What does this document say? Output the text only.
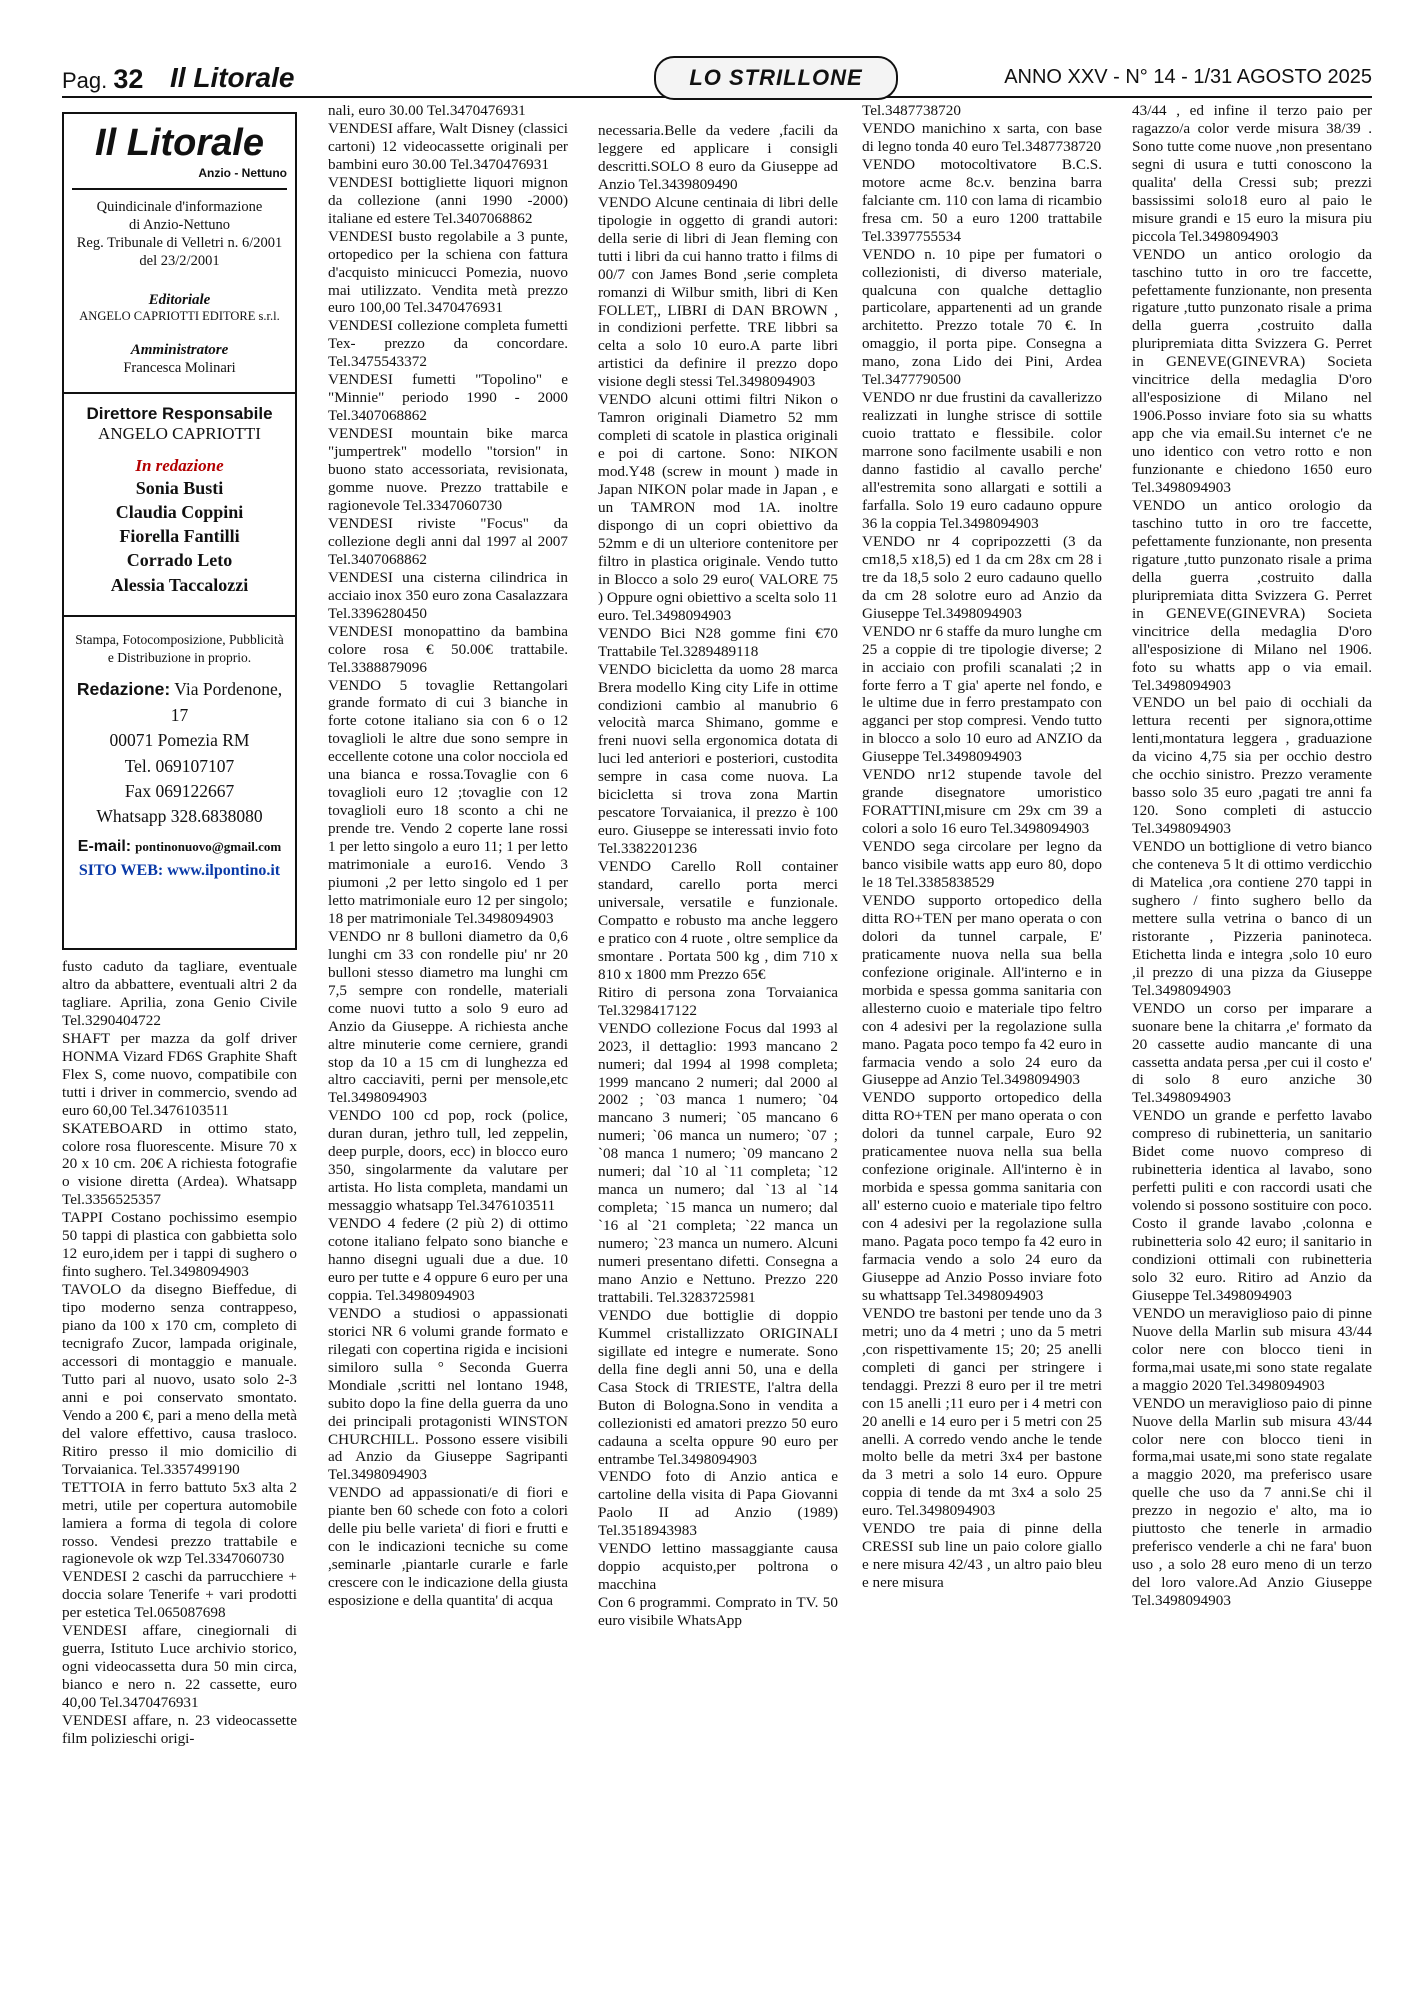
Pag. 32 Il Litorale	LO STRILLONE	ANNO XXV - N° 14 - 1/31 AGOSTO 2025
Il Litorale
Anzio - Nettuno
Quindicinale d'informazione
di Anzio-Nettuno
Reg. Tribunale di Velletri n. 6/2001
del 23/2/2001
Editoriale
ANGELO CAPRIOTTI EDITORE s.r.l.
Amministratore
Francesca Molinari
Direttore Responsabile
ANGELO CAPRIOTTI
In redazione
Sonia Busti
Claudia Coppini
Fiorella Fantilli
Corrado Leto
Alessia Taccalozzi
Stampa, Fotocomposizione, Pubblicità
e Distribuzione in proprio.
Redazione: Via Pordenone, 17
00071 Pomezia RM
Tel. 069107107
Fax 069122667
Whatsapp 328.6838080
E-mail: pontinonuovo@gmail.com
SITO WEB: www.ilpontino.it

fusto caduto da tagliare, eventuale altro da abbattere, eventuali altri 2 da tagliare. Aprilia, zona Genio Civile Tel.3290404722

SHAFT per mazza da golf driver HONMA Vizard FD6S Graphite Shaft Flex S, come nuovo, compatibile con tutti i driver in commercio, svendo ad euro 60,00 Tel.3476103511

SKATEBOARD in ottimo stato, colore rosa fluorescente. Misure 70 x 20 x 10 cm. 20€ A richiesta fotografie o visione diretta (Ardea). Whatsapp Tel.3356525357

TAPPI Costano pochissimo esempio 50 tappi di plastica con gabbietta solo 12 euro,idem per i tappi di sughero o finto sughero. Tel.3498094903

TAVOLO da disegno Bieffedue, di tipo moderno senza contrappeso, piano da 100 x 170 cm, completo di tecnigrafo Zucor, lampada originale, accessori di montaggio e manuale. Tutto pari al nuovo, usato solo 2-3 anni e poi conservato smontato. Vendo a 200 €, pari a meno della metà del valore effettivo, causa trasloco. Ritiro presso il mio domicilio di Torvaianica. Tel.3357499190

TETTOIA in ferro battuto 5x3 alta 2 metri, utile per copertura automobile lamiera a forma di tegola di colore rosso. Vendesi prezzo trattabile e ragionevole ok wzp Tel.3347060730

VENDESI 2 caschi da parrucchiere + doccia solare Tenerife + vari prodotti per estetica Tel.065087698

VENDESI affare, cinegiornali di guerra, Istituto Luce archivio storico, ogni videocassetta dura 50 min circa, bianco e nero n. 22 cassette, euro 40,00 Tel.3470476931

VENDESI affare, n. 23 videocassette film polizieschi origi-

nali, euro 30.00 Tel.3470476931

VENDESI affare, Walt Disney (classici cartoni) 12 videocassette originali per bambini euro 30.00 Tel.3470476931

VENDESI bottigliette liquori mignon da collezione (anni 1990 -2000) italiane ed estere Tel.3407068862

VENDESI busto regolabile a 3 punte, ortopedico per la schiena con fattura d'acquisto minicucci Pomezia, nuovo mai utilizzato. Vendita metà prezzo euro 100,00 Tel.3470476931

VENDESI collezione completa fumetti Tex- prezzo da concordare. Tel.3475543372

VENDESI fumetti "Topolino" e "Minnie" periodo 1990 - 2000 Tel.3407068862

VENDESI mountain bike marca "jumpertrek" modello "torsion" in buono stato accessoriata, revisionata, gomme nuove. Prezzo trattabile e ragionevole Tel.3347060730

VENDESI riviste "Focus" da collezione degli anni dal 1997 al 2007 Tel.3407068862

VENDESI una cisterna cilindrica in acciaio inox 350 euro zona Casalazzara Tel.3396280450

VENDESI monopattino da bambina colore rosa € 50.00€ trattabile. Tel.3388879096

VENDO 5 tovaglie Rettangolari grande formato di cui 3 bianche in forte cotone italiano sia con 6 o 12 tovaglioli le altre due sono sempre in eccellente cotone una color nocciola ed una bianca e rossa.Tovaglie con 6 tovaglioli euro 12 ;tovaglie con 12 tovaglioli euro 18 sconto a chi ne prende tre. Vendo 2 coperte lane rossi 1 per letto singolo a euro 11; 1 per letto matrimoniale a euro16. Vendo 3 piumoni ,2 per letto singolo ed 1 per letto matrimoniale euro 12 per singolo; 18 per matrimoniale Tel.3498094903

VENDO nr 8 bulloni diametro da 0,6 lunghi cm 33 con rondelle piu' nr 20 bulloni stesso diametro ma lunghi cm 7,5 sempre con rondelle, materiali come nuovi tutto a solo 9 euro ad Anzio da Giuseppe. A richiesta anche altre minuterie come cerniere, grandi stop da 10 a 15 cm di lunghezza ed altro cacciaviti, perni per mensole,etc Tel.3498094903

VENDO 100 cd pop, rock (police, duran duran, jethro tull, led zeppelin, deep purple, doors, ecc) in blocco euro 350, singolarmente da valutare per artista. Ho lista completa, mandami un messaggio whatsapp Tel.3476103511

VENDO 4 federe (2 più 2) di ottimo cotone italiano felpato sono bianche e hanno disegni uguali due a due. 10 euro per tutte e 4 oppure 6 euro per una coppia. Tel.3498094903

VENDO a studiosi o appassionati storici NR 6 volumi grande formato e rilegati con copertina rigida e incisioni similoro sulla ° Seconda Guerra Mondiale ,scritti nel lontano 1948, subito dopo la fine della guerra da uno dei principali protagonisti WINSTON CHURCHILL. Possono essere visibili ad Anzio da Giuseppe Sagripanti Tel.3498094903

VENDO ad appassionati/e di fiori e piante ben 60 schede con foto a colori delle piu belle varieta' di fiori e frutti e con le indicazioni tecniche su come ,seminarle ,piantarle curarle e farle crescere con le indicazione della giusta esposizione e della quantita' di acqua

necessaria.Belle da vedere ,facili da leggere ed applicare i consigli descritti.SOLO 8 euro da Giuseppe ad Anzio Tel.3439809490

VENDO Alcune centinaia di libri delle tipologie in oggetto di grandi autori: della serie di libri di Jean fleming con tutti i libri da cui hanno tratto i films di 00/7 con James Bond ,serie completa romanzi di Wilbur smith, libri di Ken FOLLET,, LIBRI di DAN BROWN , in condizioni perfette. TRE libbri sa celta a solo 10 euro.A parte libri artistici da definire il prezzo dopo visione degli stessi Tel.3498094903

VENDO alcuni ottimi filtri Nikon o Tamron originali Diametro 52 mm completi di scatole in plastica originali e poi di cartone. Sono: NIKON mod.Y48 (screw in mount ) made in Japan NIKON polar made in Japan , e un TAMRON mod 1A. inoltre dispongo di un copri obiettivo da 52mm e di un ulteriore contenitore per filtro in plastica originale. Vendo tutto in Blocco a solo 29 euro( VALORE 75 ) Oppure ogni obiettivo a scelta solo 11 euro. Tel.3498094903

VENDO Bici N28 gomme fini €70 Trattabile Tel.3289489118

VENDO bicicletta da uomo 28 marca Brera modello King city Life in ottime condizioni cambio al manubrio 6 velocità marca Shimano, gomme e freni nuovi sella ergonomica dotata di luci led anteriori e posteriori, custodita sempre in casa come nuova. La bicicletta si trova zona Martin pescatore Torvaianica, il prezzo è 100 euro. Giuseppe se interessati invio foto Tel.3382201236

VENDO Carello Roll container standard, carello porta merci universale, versatile e funzionale. Compatto e robusto ma anche leggero e pratico con 4 ruote , oltre semplice da smontare . Portata 500 kg , dim 710 x 810 x 1800 mm Prezzo 65€

Ritiro di persona zona Torvaianica Tel.3298417122

VENDO collezione Focus dal 1993 al 2023, il dettaglio: 1993 mancano 2 numeri; dal 1994 al 1998 completa; 1999 mancano 2 numeri; dal 2000 al 2002 ; `03 manca 1 numero; `04 mancano 3 numeri; `05 mancano 6 numeri; `06 manca un numero; `07 ; `08 manca 1 numero; `09 mancano 2 numeri; dal `10 al `11 completa; `12 manca un numero; dal `13 al `14 completa; `15 manca un numero; dal `16 al `21 completa; `22 manca un numero; `23 manca un numero. Alcuni numeri presentano difetti. Consegna a mano Anzio e Nettuno. Prezzo 220 trattabili. Tel.3283725981

VENDO due bottiglie di doppio Kummel cristallizzato ORIGINALI sigillate ed integre e numerate. Sono della fine degli anni 50, una e della Casa Stock di TRIESTE, l'altra della Buton di Bologna.Sono in vendita a collezionisti ed amatori prezzo 50 euro cadauna a scelta oppure 90 euro per entrambe Tel.3498094903

VENDO foto di Anzio antica e cartoline della visita di Papa Giovanni Paolo II ad Anzio (1989) Tel.3518943983

VENDO lettino massaggiante causa doppio acquisto,per poltrona o macchina

Con 6 programmi. Comprato in TV. 50 euro visibile WhatsApp

Tel.3487738720

VENDO manichino x sarta, con base di legno tonda 40 euro Tel.3487738720

VENDO motocoltivatore B.C.S. motore acme 8c.v. benzina barra falciante cm. 110 con lama di ricambio fresa cm. 50 a euro 1200 trattabile Tel.3397755534

VENDO n. 10 pipe per fumatori o collezionisti, di diverso materiale, qualcuna con qualche dettaglio particolare, appartenenti ad un grande architetto. Prezzo totale 70 €. In omaggio, il porta pipe. Consegna a mano, zona Lido dei Pini, Ardea Tel.3477790500

VENDO nr due frustini da cavallerizzo realizzati in lunghe strisce di sottile cuoio trattato e flessibile. color marrone sono facilmente usabili e non danno fastidio al cavallo perche' all'estremita sono allargati e sottili a farfalla. Solo 19 euro cadauno oppure 36 la coppia Tel.3498094903

VENDO nr 4 copripozzetti (3 da cm18,5 x18,5) ed 1 da cm 28x cm 28 i tre da 18,5 solo 2 euro cadauno quello da cm 28 solotre euro ad Anzio da Giuseppe Tel.3498094903

VENDO nr 6 staffe da muro lunghe cm 25 a coppie di tre tipologie diverse; 2 in acciaio con profili scanalati ;2 in forte ferro a T gia' aperte nel fondo, e le ultime due in ferro prestampato con agganci per stop compresi. Vendo tutto in blocco a solo 10 euro ad ANZIO da Giuseppe Tel.3498094903

VENDO nr12 stupende tavole del grande disegnatore umoristico FORATTINI,misure cm 29x cm 39 a colori a solo 16 euro Tel.3498094903

VENDO sega circolare per legno da banco visibile watts app euro 80, dopo le 18 Tel.3385838529

VENDO supporto ortopedico della ditta RO+TEN per mano operata o con dolori da tunnel carpale, E' praticamente nuova nella sua bella confezione originale. All'interno e in morbida e spessa gomma sanitaria con allesterno cuoio e materiale tipo feltro con 4 adesivi per la regolazione sulla mano. Pagata poco tempo fa 42 euro in farmacia vendo a solo 24 euro da Giuseppe ad Anzio Tel.3498094903

VENDO supporto ortopedico della ditta RO+TEN per mano operata o con dolori da tunnel carpale, Euro 92 praticamentee nuova nella sua bella confezione originale. All'interno è in morbida e spessa gomma sanitaria con all' esterno cuoio e materiale tipo feltro con 4 adesivi per la regolazione sulla mano. Pagata poco tempo fa 42 euro in farmacia vendo a solo 24 euro da Giuseppe ad Anzio Posso inviare foto su whattsapp Tel.3498094903

VENDO tre bastoni per tende uno da 3 metri; uno da 4 metri ; uno da 5 metri ,con rispettivamente 15; 20; 25 anelli completi di ganci per stringere i tendaggi. Prezzi 8 euro per il tre metri con 15 anelli ;11 euro per i 4 metri con 20 anelli e 14 euro per i 5 metri con 25 anelli. A corredo vendo anche le tende molto belle da metri 3x4 per bastone da 3 metri a solo 14 euro. Oppure coppia di tende da mt 3x4 a solo 25 euro. Tel.3498094903

VENDO tre paia di pinne della CRESSI sub line un paio colore giallo e nere misura 42/43 , un altro paio bleu e nere misura

43/44 , ed infine il terzo paio per ragazzo/a color verde misura 38/39 . Sono tutte come nuove ,non presentano segni di usura e tutti conoscono la qualita' della Cressi sub; prezzi bassissimi solo18 euro al paio le misure grandi e 15 euro la misura piu piccola Tel.3498094903

VENDO un antico orologio da taschino tutto in oro tre faccette, pefettamente funzionante, non presenta rigature ,tutto punzonato risale a prima della guerra ,costruito dalla pluripremiata ditta Svizzera G. Perret in GENEVE(GINEVRA) Societa vincitrice della medaglia D'oro all'esposizione di Milano nel 1906.Posso inviare foto sia su whatts app che via email.Su internet c'e ne uno identico con vetro rotto e non funzionante e chiedono 1650 euro Tel.3498094903

VENDO un antico orologio da taschino tutto in oro tre faccette, pefettamente funzionante, non presenta rigature ,tutto punzonato risale a prima della guerra ,costruito dalla pluripremiata ditta Svizzera G. Perret in GENEVE(GINEVRA) Societa vincitrice della medaglia D'oro all'esposizione di Milano nel 1906. foto su whatts app o via email. Tel.3498094903

VENDO un bel paio di occhiali da lettura recenti per signora,ottime lenti,montatura leggera , graduazione da vicino 4,75 sia per occhio destro che occhio sinistro. Prezzo veramente basso solo 35 euro ,pagati tre anni fa 120. Sono completi di astuccio Tel.3498094903

VENDO un bottiglione di vetro bianco che conteneva 5 lt di ottimo verdicchio di Matelica ,ora contiene 270 tappi in sughero / finto sughero bello da mettere sulla vetrina o banco di un ristorante , Pizzeria paninoteca. Etichetta linda e integra ,solo 10 euro ,il prezzo di una pizza da Giuseppe Tel.3498094903

VENDO un corso per imparare a suonare bene la chitarra ,e' formato da 20 cassette audio mancante di una cassetta andata persa ,per cui il costo e' di solo 8 euro anziche 30 Tel.3498094903

VENDO un grande e perfetto lavabo compreso di rubinetteria, un sanitario Bidet come nuovo compreso di rubinetteria identica al lavabo, sono perfetti puliti e con raccordi usati che volendo si possono sostituire con poco. Costo il grande lavabo ,colonna e rubinetteria solo 42 euro; il sanitario in condizioni ottimali con rubinetteria solo 32 euro. Ritiro ad Anzio da Giuseppe Tel.3498094903

VENDO un meraviglioso paio di pinne Nuove della Marlin sub misura 43/44 color nere con blocco tieni in forma,mai usate,mi sono state regalate a maggio 2020 Tel.3498094903

VENDO un meraviglioso paio di pinne Nuove della Marlin sub misura 43/44 color nere con blocco tieni in forma,mai usate,mi sono state regalate a maggio 2020, ma preferisco usare quelle che uso da 7 anni.Se chi il prezzo in negozio e' alto, ma io piuttosto che tenerle in armadio preferisco venderle a chi ne fara' buon uso , a solo 28 euro meno di un terzo del loro valore.Ad Anzio Giuseppe Tel.3498094903
